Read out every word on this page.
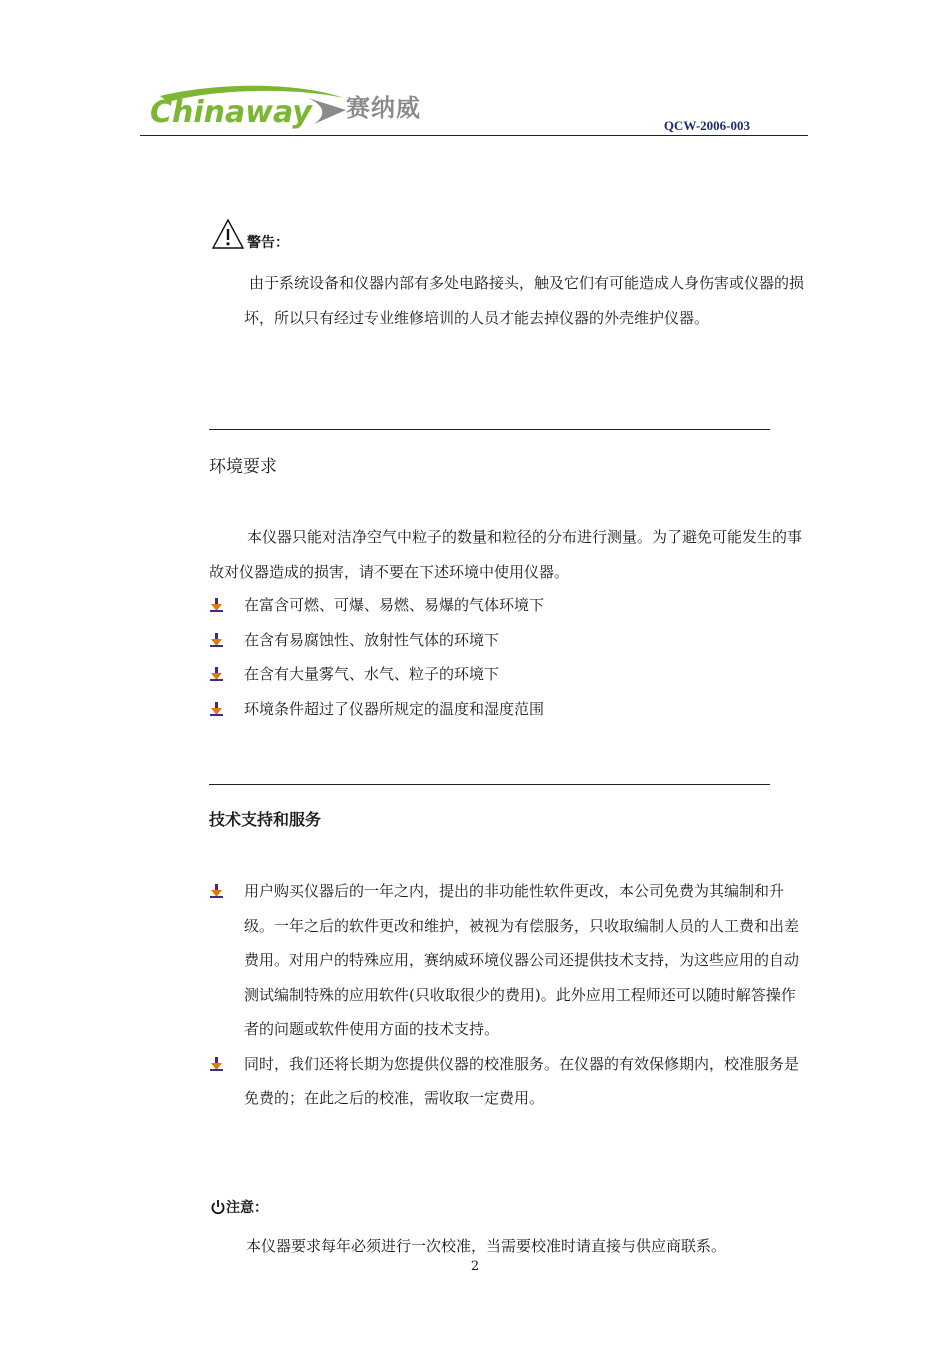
Chinaway 赛纳威
QCW-2006-003
警告：

由于系统设备和仪器内部有多处电路接头，触及它们有可能造成人身伤害或仪器的损坏，所以只有经过专业维修培训的人员才能去掉仪器的外壳维护仪器。

环境要求

本仪器只能对洁净空气中粒子的数量和粒径的分布进行测量。为了避免可能发生的事故对仪器造成的损害，请不要在下述环境中使用仪器。

在富含可燃、可爆、易燃、易爆的气体环境下
在含有易腐蚀性、放射性气体的环境下
在含有大量雾气、水气、粒子的环境下
环境条件超过了仪器所规定的温度和湿度范围
技术支持和服务
用户购买仪器后的一年之内，提出的非功能性软件更改，本公司免费为其编制和升级。一年之后的软件更改和维护，被视为有偿服务，只收取编制人员的人工费和出差费用。对用户的特殊应用，赛纳威环境仪器公司还提供技术支持，为这些应用的自动测试编制特殊的应用软件(只收取很少的费用)。此外应用工程师还可以随时解答操作者的问题或软件使用方面的技术支持。
同时，我们还将长期为您提供仪器的校准服务。在仪器的有效保修期内，校准服务是免费的；在此之后的校准，需收取一定费用。
注意：

本仪器要求每年必须进行一次校准，当需要校准时请直接与供应商联系。

2
